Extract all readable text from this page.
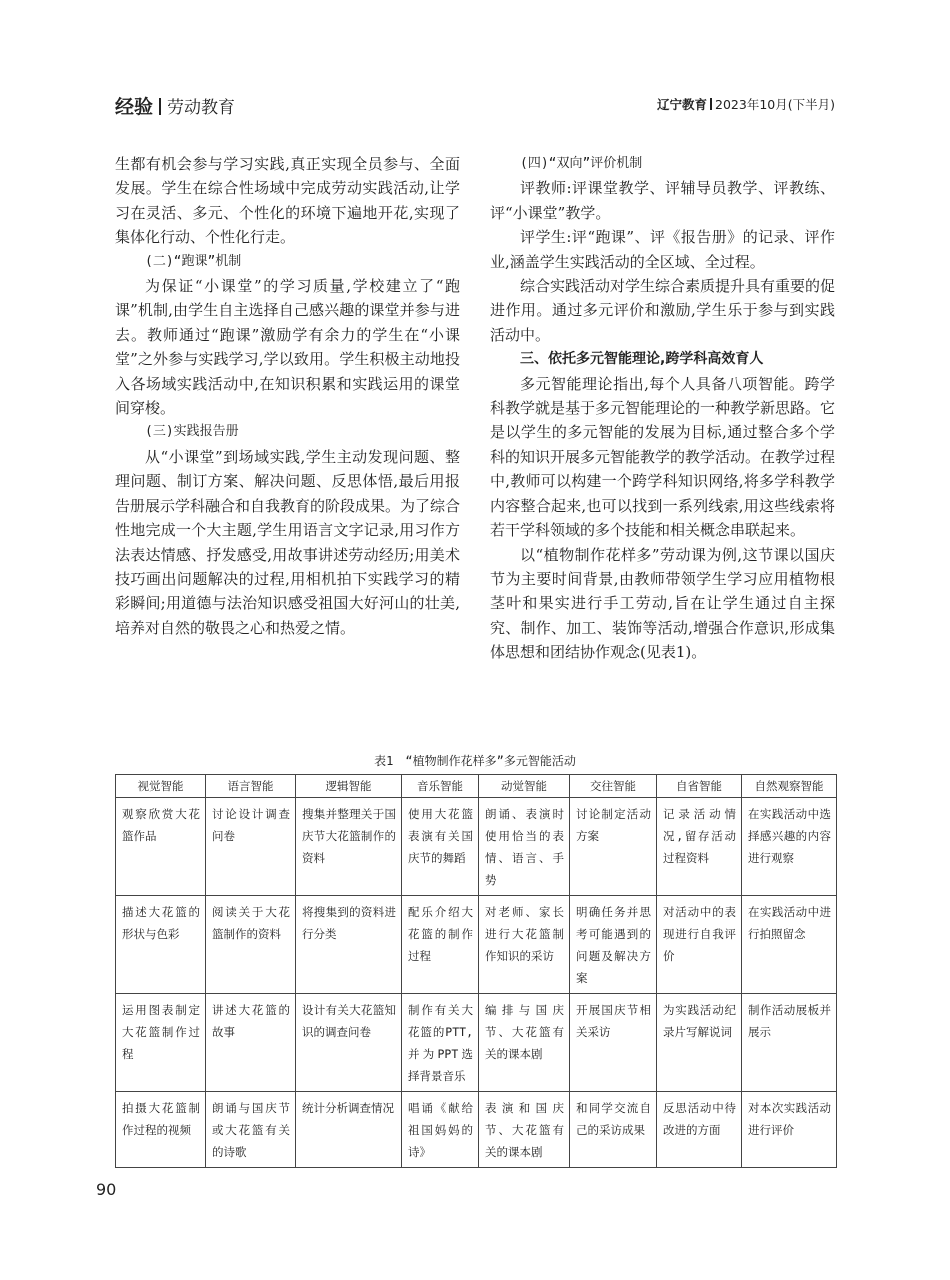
经验 劳动教育	辽宁教育 2023年10月(下半月)

生都有机会参与学习实践,真正实现全员参与、全面发展。学生在综合性场域中完成劳动实践活动,让学习在灵活、多元、个性化的环境下遍地开花,实现了集体化行动、个性化行走。

(二)“跑课”机制

为保证“小课堂”的学习质量,学校建立了“跑课”机制,由学生自主选择自己感兴趣的课堂并参与进去。教师通过“跑课”激励学有余力的学生在“小课堂”之外参与实践学习,学以致用。学生积极主动地投入各场域实践活动中,在知识积累和实践运用的课堂间穿梭。

(三)实践报告册

从“小课堂”到场域实践,学生主动发现问题、整理问题、制订方案、解决问题、反思体悟,最后用报告册展示学科融合和自我教育的阶段成果。为了综合性地完成一个大主题,学生用语言文字记录,用习作方法表达情感、抒发感受,用故事讲述劳动经历;用美术技巧画出问题解决的过程,用相机拍下实践学习的精彩瞬间;用道德与法治知识感受祖国大好河山的壮美,培养对自然的敬畏之心和热爱之情。

(四)“双向”评价机制

评教师:评课堂教学、评辅导员教学、评教练、评“小课堂”教学。

评学生:评“跑课”、评《报告册》的记录、评作业,涵盖学生实践活动的全区域、全过程。

综合实践活动对学生综合素质提升具有重要的促进作用。通过多元评价和激励,学生乐于参与到实践活动中。

三、依托多元智能理论,跨学科高效育人

多元智能理论指出,每个人具备八项智能。跨学科教学就是基于多元智能理论的一种教学新思路。它是以学生的多元智能的发展为目标,通过整合多个学科的知识开展多元智能教学的教学活动。在教学过程中,教师可以构建一个跨学科知识网络,将多学科教学内容整合起来,也可以找到一系列线索,用这些线索将若干学科领域的多个技能和相关概念串联起来。

以“植物制作花样多”劳动课为例,这节课以国庆节为主要时间背景,由教师带领学生学习应用植物根茎叶和果实进行手工劳动,旨在让学生通过自主探究、制作、加工、装饰等活动,增强合作意识,形成集体思想和团结协作观念(见表1)。

表1 “植物制作花样多”多元智能活动
视觉智能	语言智能	逻辑智能	音乐智能	动觉智能	交往智能	自省智能	自然观察智能
观察欣赏大花篮作品	讨论设计调查问卷	搜集并整理关于国庆节大花篮制作的资料	使用大花篮表演有关国庆节的舞蹈	朗诵、表演时使用恰当的表情、语言、手势	讨论制定活动方案	记录活动情况,留存活动过程资料	在实践活动中选择感兴趣的内容进行观察
描述大花篮的形状与色彩	阅读关于大花篮制作的资料	将搜集到的资料进行分类	配乐介绍大花篮的制作过程	对老师、家长进行大花篮制作知识的采访	明确任务并思考可能遇到的问题及解决方案	对活动中的表现进行自我评价	在实践活动中进行拍照留念
运用图表制定大花篮制作过程	讲述大花篮的故事	设计有关大花篮知识的调查问卷	制作有关大花篮的PTT,并为PPT选择背景音乐	编排与国庆节、大花篮有关的课本剧	开展国庆节相关采访	为实践活动纪录片写解说词	制作活动展板并展示
拍摄大花篮制作过程的视频	朗诵与国庆节或大花篮有关的诗歌	统计分析调查情况	唱诵《献给祖国妈妈的诗》	表演和国庆节、大花篮有关的课本剧	和同学交流自己的采访成果	反思活动中待改进的方面	对本次实践活动进行评价
90
